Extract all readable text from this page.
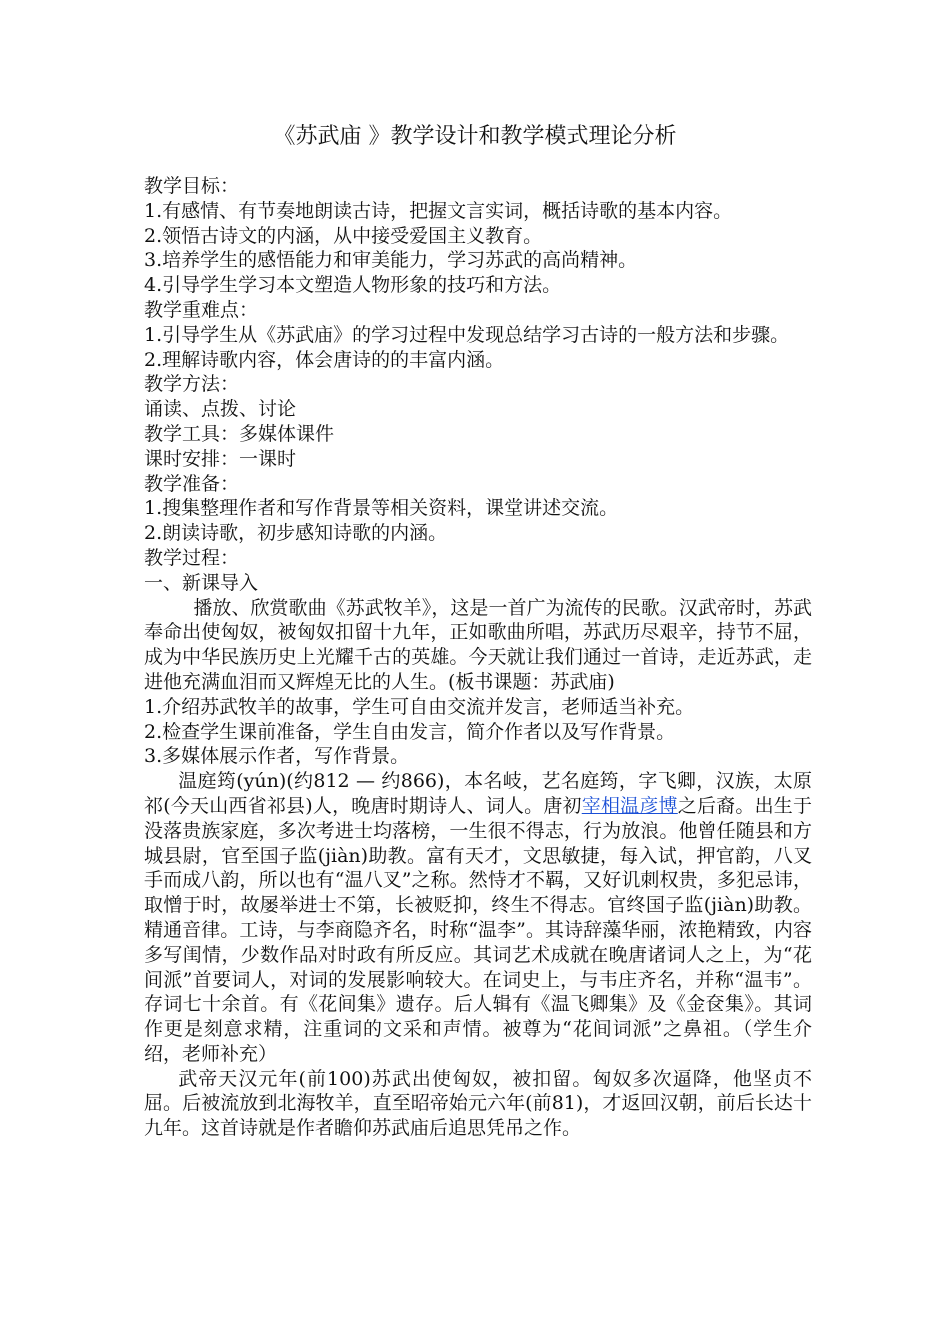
《苏武庙 》教学设计和教学模式理论分析

教学目标：

1.有感情、有节奏地朗读古诗，把握文言实词，概括诗歌的基本内容。

2.领悟古诗文的内涵，从中接受爱国主义教育。

3.培养学生的感悟能力和审美能力，学习苏武的高尚精神。

4.引导学生学习本文塑造人物形象的技巧和方法。

教学重难点：

1.引导学生从《苏武庙》的学习过程中发现总结学习古诗的一般方法和步骤。

2.理解诗歌内容，体会唐诗的的丰富内涵。

教学方法：

诵读、点拨、讨论

教学工具：多媒体课件

课时安排：一课时

教学准备：

1.搜集整理作者和写作背景等相关资料，课堂讲述交流。

2.朗读诗歌，初步感知诗歌的内涵。

教学过程：

一、新课导入

播放、欣赏歌曲《苏武牧羊》，这是一首广为流传的民歌。汉武帝时，苏武奉命出使匈奴，被匈奴扣留十九年，正如歌曲所唱，苏武历尽艰辛，持节不屈，成为中华民族历史上光耀千古的英雄。今天就让我们通过一首诗，走近苏武，走进他充满血泪而又辉煌无比的人生。(板书课题：苏武庙)

1.介绍苏武牧羊的故事，学生可自由交流并发言，老师适当补充。

2.检查学生课前准备，学生自由发言，简介作者以及写作背景。

3.多媒体展示作者，写作背景。

温庭筠(yún)(约812 — 约866)，本名岐，艺名庭筠，字飞卿，汉族，太原祁(今天山西省祁县)人，晚唐时期诗人、词人。唐初宰相温彦博之后裔。出生于没落贵族家庭，多次考进士均落榜，一生很不得志，行为放浪。他曾任随县和方城县尉，官至国子监(jiàn)助教。富有天才，文思敏捷，每入试，押官韵，八叉手而成八韵，所以也有“温八叉”之称。然恃才不羁，又好讥刺权贵，多犯忌讳，取憎于时，故屡举进士不第，长被贬抑，终生不得志。官终国子监(jiàn)助教。精通音律。工诗，与李商隐齐名，时称“温李”。其诗辞藻华丽，浓艳精致，内容多写闺情，少数作品对时政有所反应。其词艺术成就在晚唐诸词人之上，为“花间派”首要词人，对词的发展影响较大。在词史上，与韦庄齐名，并称“温韦”。存词七十余首。有《花间集》遗存。后人辑有《温飞卿集》及《金奁集》。其词作更是刻意求精，注重词的文采和声情。被尊为“花间词派”之鼻祖。（学生介绍，老师补充）

武帝天汉元年(前100)苏武出使匈奴，被扣留。匈奴多次逼降，他坚贞不屈。后被流放到北海牧羊，直至昭帝始元六年(前81)，才返回汉朝，前后长达十九年。这首诗就是作者瞻仰苏武庙后追思凭吊之作。
